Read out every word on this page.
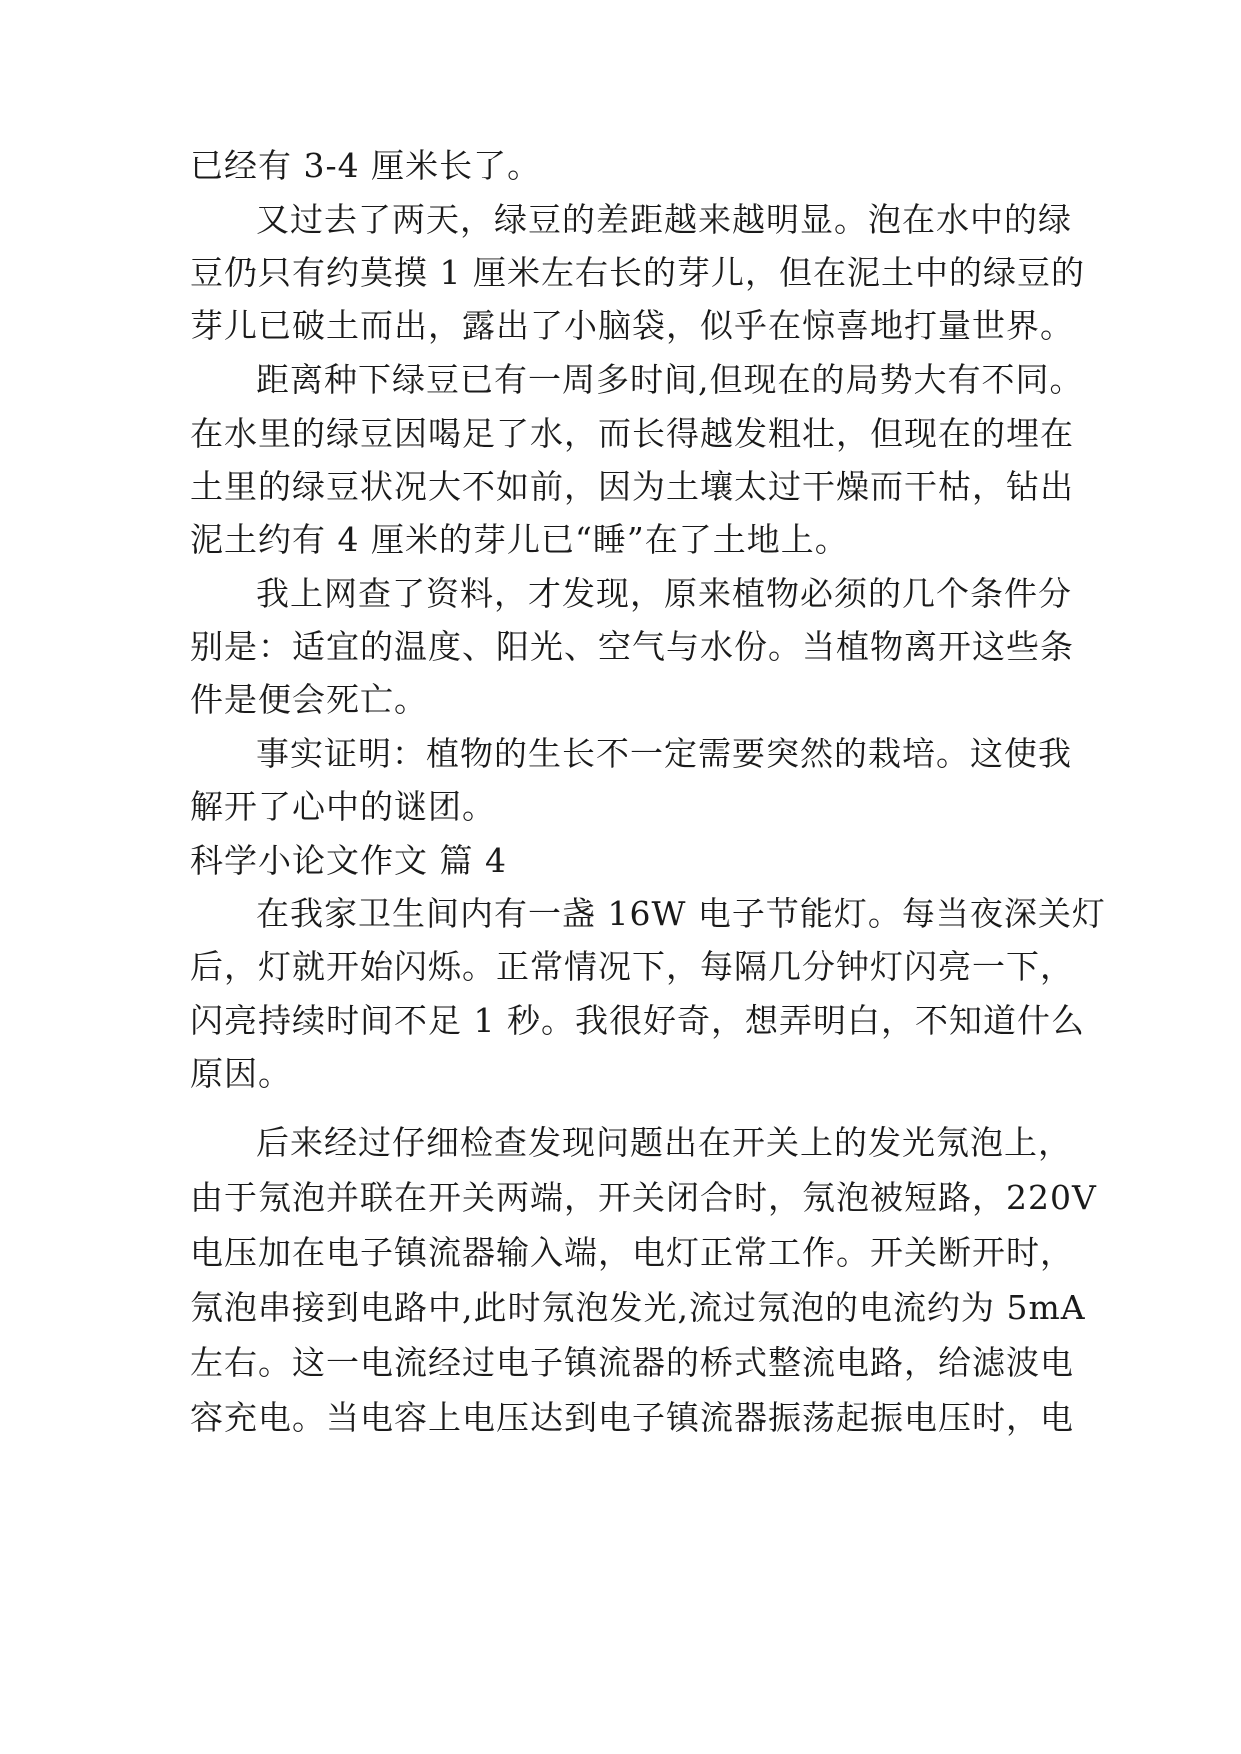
已经有 3-4 厘米长了。
又过去了两天，绿豆的差距越来越明显。泡在水中的绿
豆仍只有约莫摸 1 厘米左右长的芽儿，但在泥土中的绿豆的
芽儿已破土而出，露出了小脑袋，似乎在惊喜地打量世界。
距离种下绿豆已有一周多时间,但现在的局势大有不同。
在水里的绿豆因喝足了水，而长得越发粗壮，但现在的埋在
土里的绿豆状况大不如前，因为土壤太过干燥而干枯，钻出
泥土约有 4 厘米的芽儿已“睡”在了土地上。
我上网查了资料，才发现，原来植物必须的几个条件分
别是：适宜的温度、阳光、空气与水份。当植物离开这些条
件是便会死亡。
事实证明：植物的生长不一定需要突然的栽培。这使我
解开了心中的谜团。
科学小论文作文 篇 4
在我家卫生间内有一盏 16W 电子节能灯。每当夜深关灯
后，灯就开始闪烁。正常情况下，每隔几分钟灯闪亮一下，
闪亮持续时间不足 1 秒。我很好奇，想弄明白，不知道什么
原因。
后来经过仔细检查发现问题出在开关上的发光氖泡上，
由于氖泡并联在开关两端，开关闭合时，氖泡被短路，220V
电压加在电子镇流器输入端，电灯正常工作。开关断开时，
氖泡串接到电路中,此时氖泡发光,流过氖泡的电流约为 5mA
左右。这一电流经过电子镇流器的桥式整流电路，给滤波电
容充电。当电容上电压达到电子镇流器振荡起振电压时，电
